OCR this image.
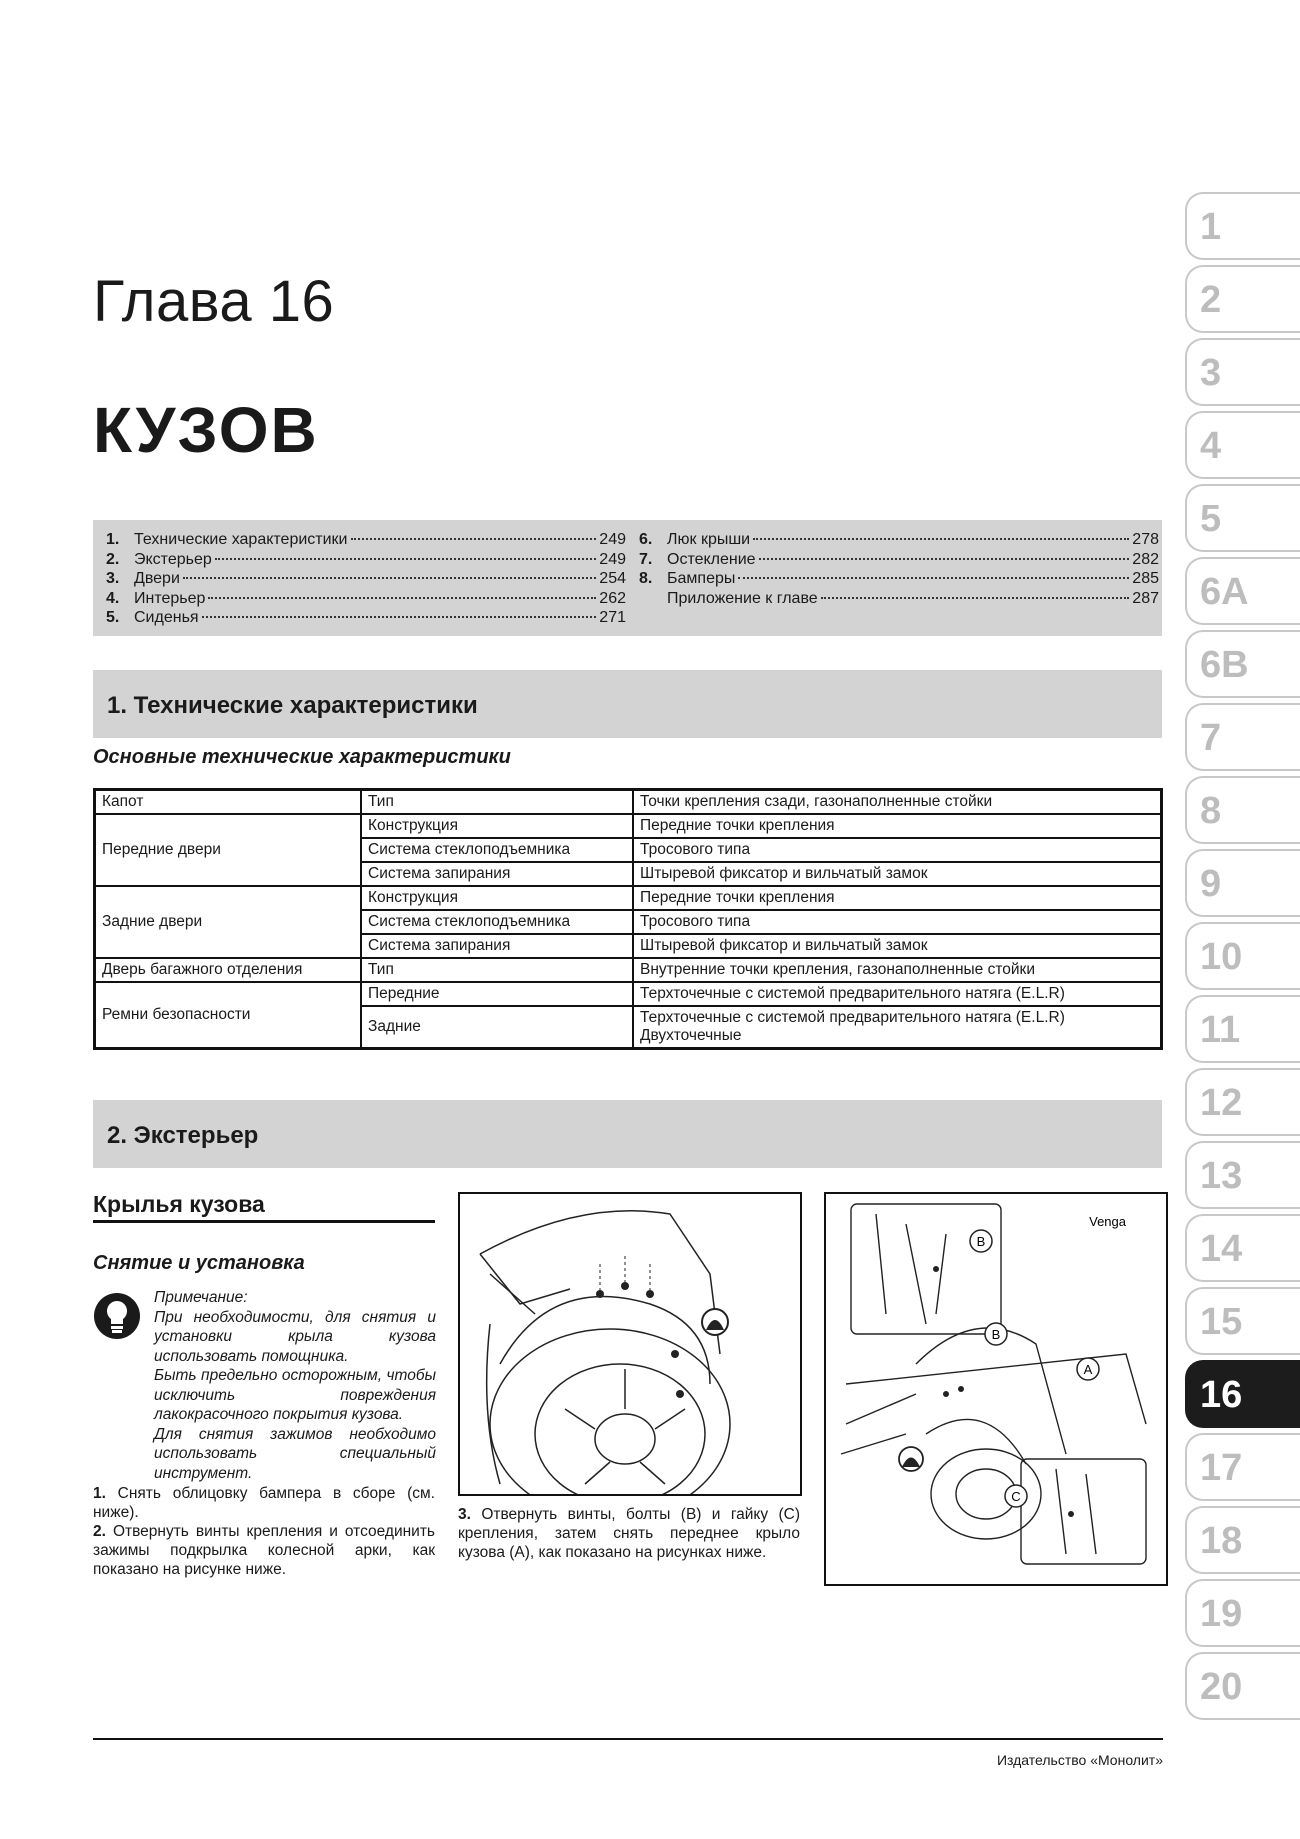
Глава 16
КУЗОВ
1. Технические характеристики	249
2. Экстерьер	249
3. Двери	254
4. Интерьер	262
5. Сиденья	271
6. Люк крыши	278
7. Остекление	282
8. Бамперы	285
Приложение к главе	287
1. Технические характеристики
Основные технические характеристики
Капот	Тип	Точки крепления сзади, газонаполненные стойки
Передние двери	Конструкция	Передние точки крепления
	Система стеклоподъемника	Тросового типа
	Система запирания	Штыревой фиксатор и вильчатый замок
Задние двери	Конструкция	Передние точки крепления
	Система стеклоподъемника	Тросового типа
	Система запирания	Штыревой фиксатор и вильчатый замок
Дверь багажного отделения	Тип	Внутренние точки крепления, газонаполненные стойки
Ремни безопасности	Передние	Терхточечные с системой предварительного натяга (E.L.R)
	Задние	Терхточечные с системой предварительного натяга (E.L.R)
Двухточечные
2. Экстерьер
Крылья кузова
Снятие и установка
Примечание:
При необходимости, для снятия и установки крыла кузова использовать помощника.
Быть предельно осторожным, чтобы исключить повреждения лакокрасочного покрытия кузова.
Для снятия зажимов необходимо использовать специальный инструмент.
1. Снять облицовку бампера в сборе (см. ниже).
2. Отвернуть винты крепления и отсоединить зажимы подкрылка колесной арки, как показано на рисунке ниже.
3. Отвернуть винты, болты (B) и гайку (C) крепления, затем снять переднее крыло кузова (A), как показано на рисунках ниже.
B
B
A
C
Venga
1
2
3
4
5
6A
6B
7
8
9
10
11
12
13
14
15
16
17
18
19
20
Издательство «Монолит»
